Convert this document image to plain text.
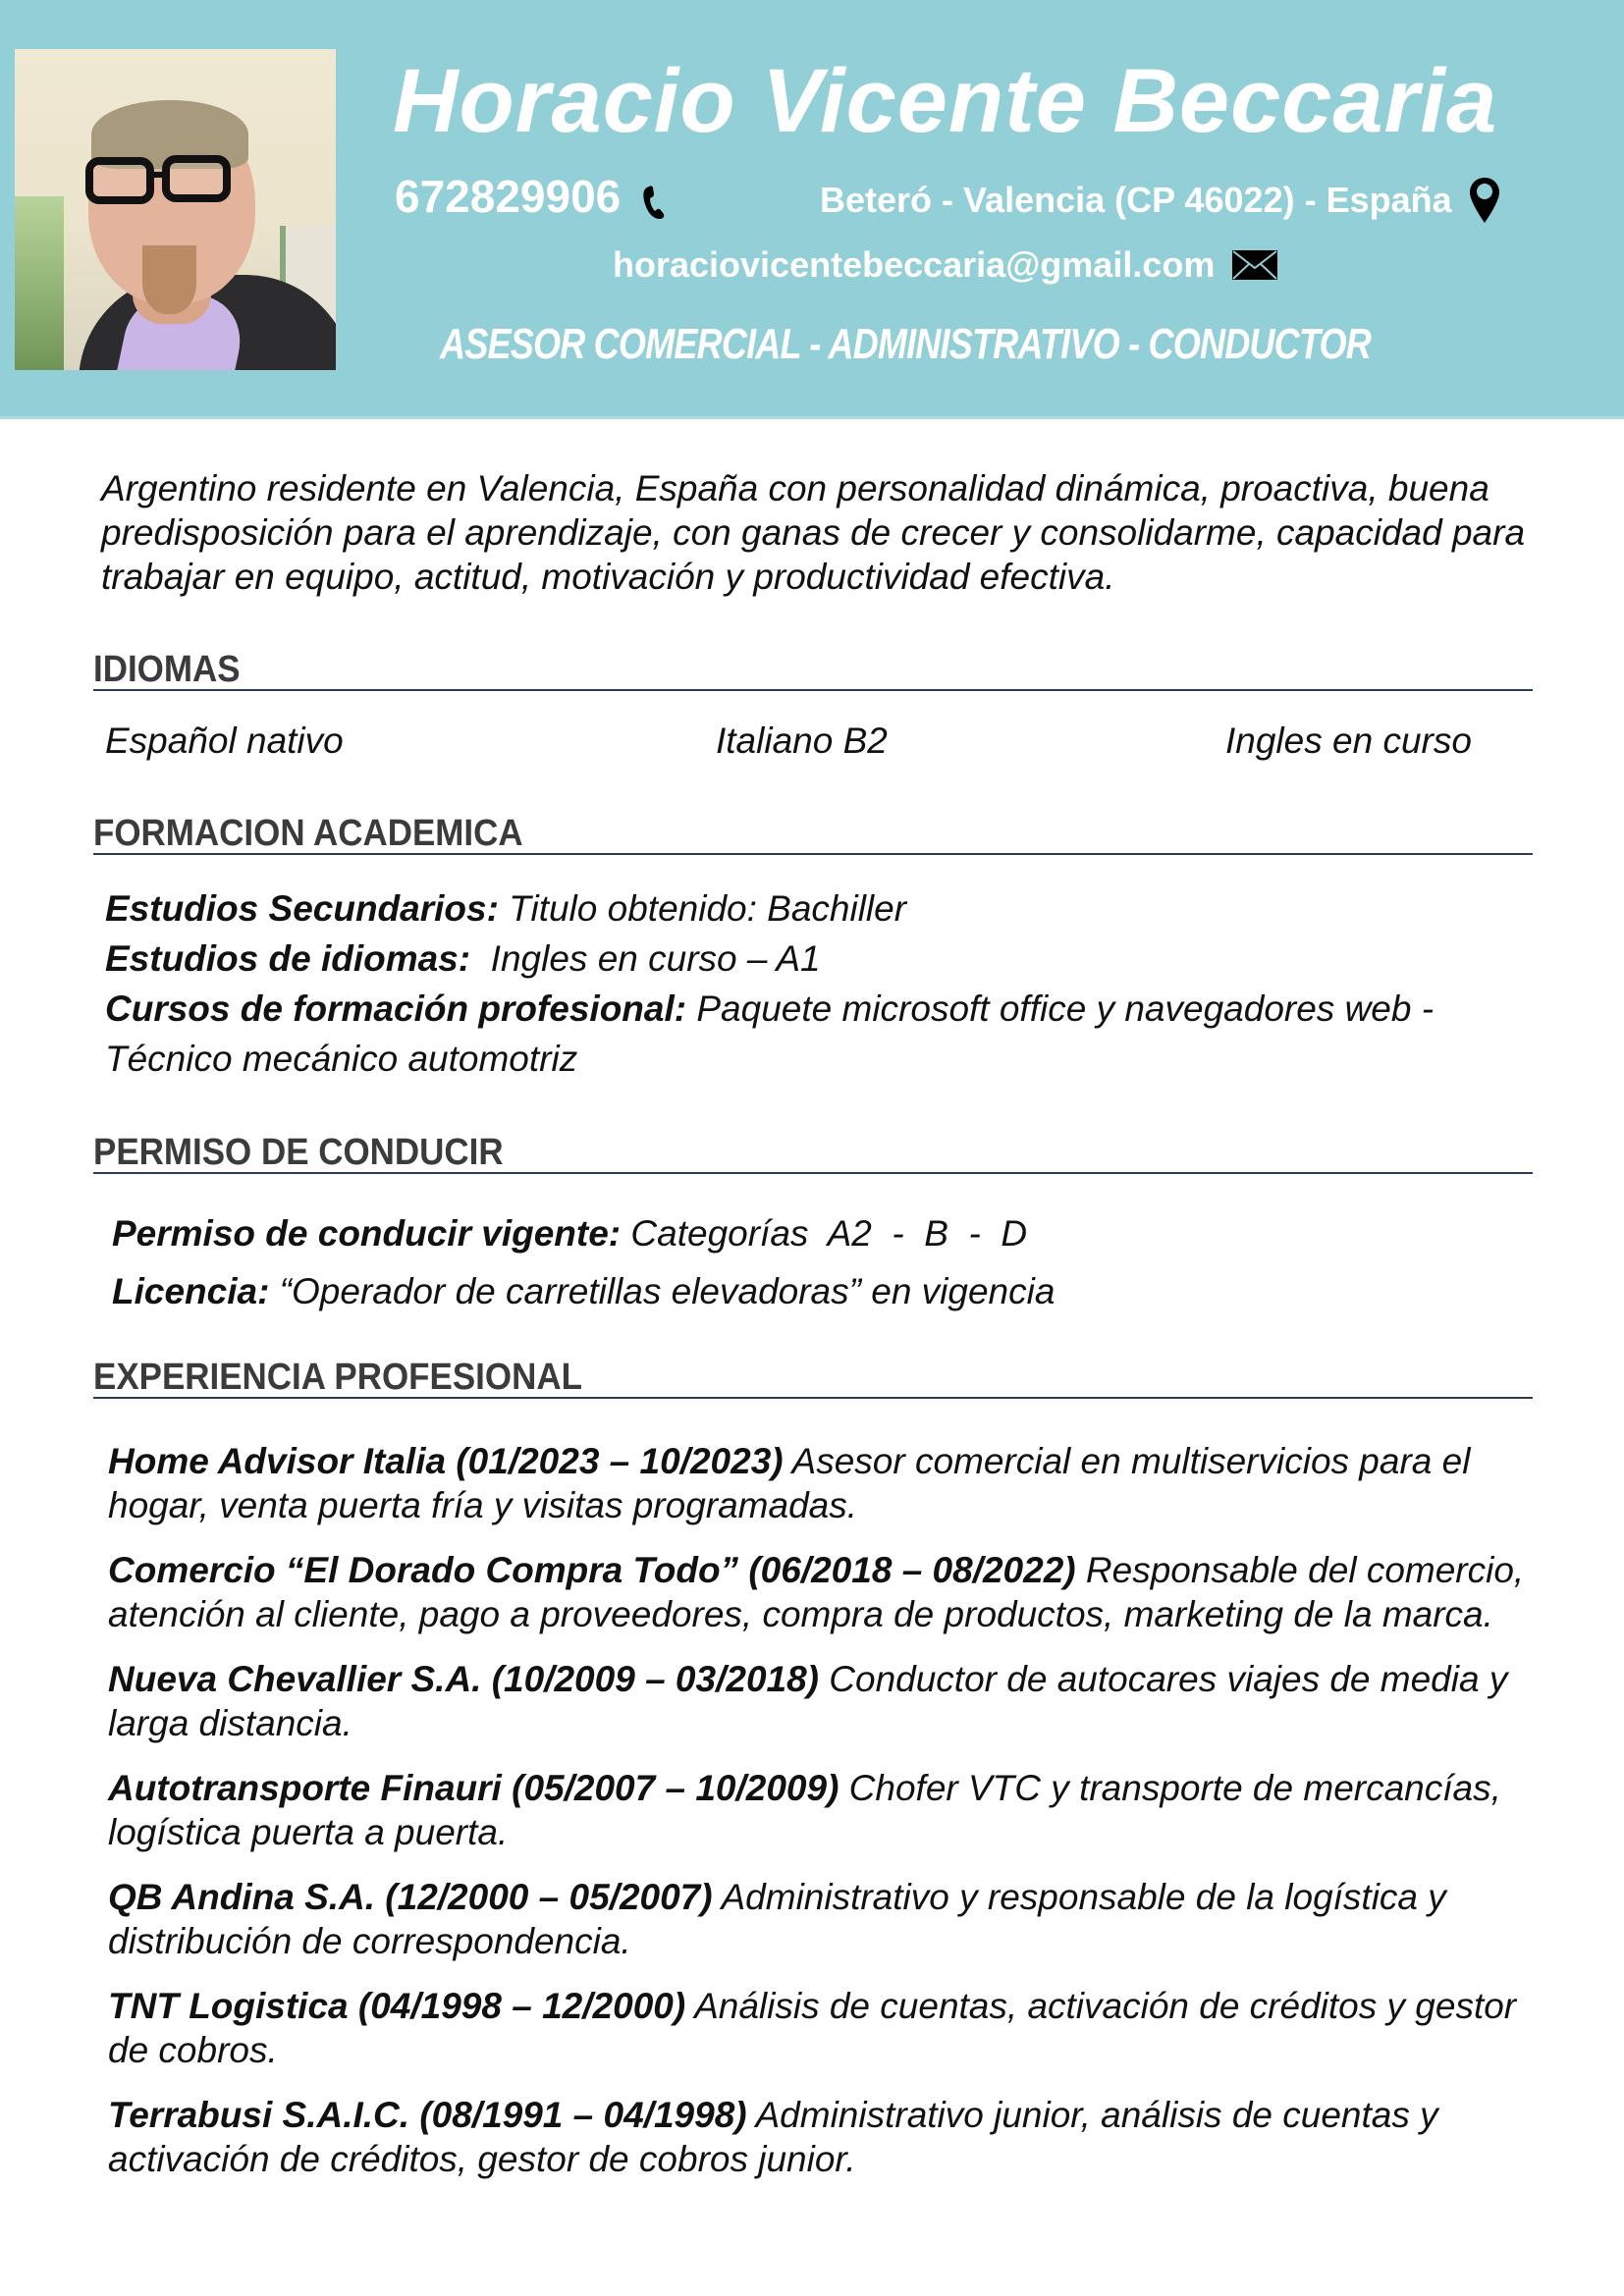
Horacio Vicente Beccaria
672829906	Beteró - Valencia (CP 46022) - España
horaciovicentebeccaria@gmail.com
ASESOR COMERCIAL - ADMINISTRATIVO - CONDUCTOR
Argentino residente en Valencia, España con personalidad dinámica, proactiva, buena predisposición para el aprendizaje, con ganas de crecer y consolidarme, capacidad para trabajar en equipo, actitud, motivación y productividad efectiva.
IDIOMAS
Español nativo	Italiano B2	Ingles en curso
FORMACION ACADEMICA
Estudios Secundarios: Titulo obtenido: Bachiller
Estudios de idiomas:  Ingles en curso – A1
Cursos de formación profesional: Paquete microsoft office y navegadores web - Técnico mecánico automotriz
PERMISO DE CONDUCIR
Permiso de conducir vigente: Categorías  A2  -  B  -  D
Licencia: “Operador de carretillas elevadoras” en vigencia
EXPERIENCIA PROFESIONAL
Home Advisor Italia (01/2023 – 10/2023) Asesor comercial en multiservicios para el hogar, venta puerta fría y visitas programadas.
Comercio “El Dorado Compra Todo” (06/2018 – 08/2022) Responsable del comercio, atención al cliente, pago a proveedores, compra de productos, marketing de la marca.
Nueva Chevallier S.A. (10/2009 – 03/2018) Conductor de autocares viajes de media y larga distancia.
Autotransporte Finauri (05/2007 – 10/2009) Chofer VTC y transporte de mercancías, logística puerta a puerta.
QB Andina S.A. (12/2000 – 05/2007) Administrativo y responsable de la logística y distribución de correspondencia.
TNT Logistica (04/1998 – 12/2000) Análisis de cuentas, activación de créditos y gestor de cobros.
Terrabusi S.A.I.C. (08/1991 – 04/1998) Administrativo junior, análisis de cuentas y activación de créditos, gestor de cobros junior.
